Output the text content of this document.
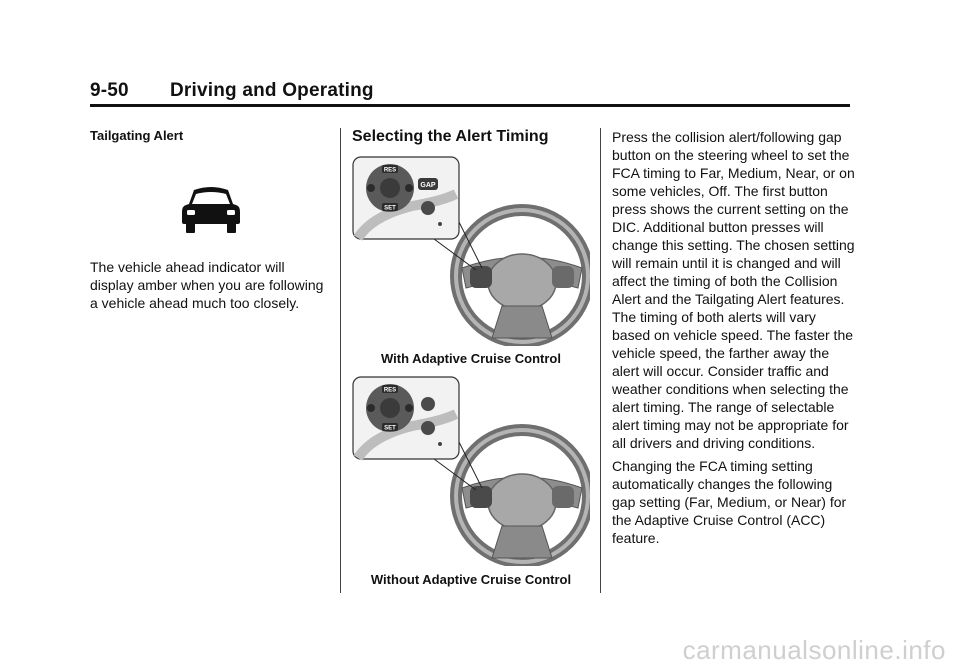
9-50 Driving and Operating

Tailgating Alert

The vehicle ahead indicator will display amber when you are following a vehicle ahead much too closely.

Selecting the Alert Timing

RES
SET
GAP

With Adaptive Cruise Control

RES
SET

Without Adaptive Cruise Control

Press the collision alert/following gap button on the steering wheel to set the FCA timing to Far, Medium, Near, or on some vehicles, Off. The first button press shows the current setting on the DIC. Additional button presses will change this setting. The chosen setting will remain until it is changed and will affect the timing of both the Collision Alert and the Tailgating Alert features. The timing of both alerts will vary based on vehicle speed. The faster the vehicle speed, the farther away the alert will occur. Consider traffic and weather conditions when selecting the alert timing. The range of selectable alert timing may not be appropriate for all drivers and driving conditions.

Changing the FCA timing setting automatically changes the following gap setting (Far, Medium, or Near) for the Adaptive Cruise Control (ACC) feature.

carmanualsonline.info
